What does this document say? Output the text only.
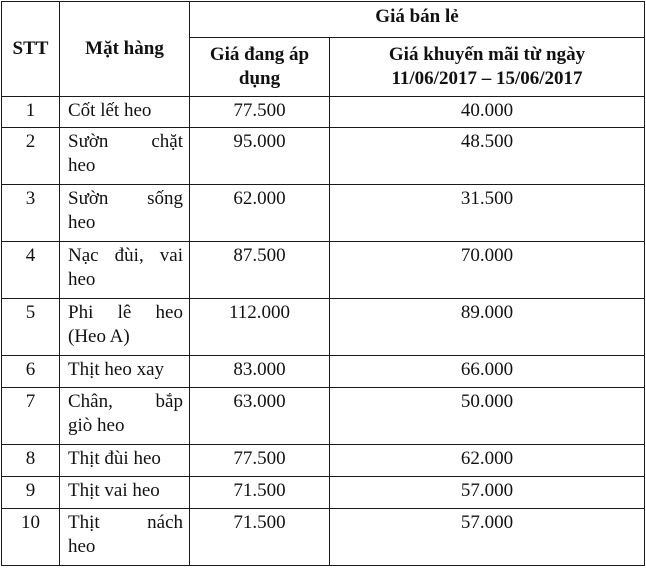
STT	Mặt hàng	Giá bán lẻ	

		Giá đang áp
dụng	Giá khuyến mãi từ ngày
11/06/2017 – 15/06/2017

1	Cốt lết heo	77.500	40.000
2	Sườn chặt
heo	95.000	48.500
3	Sườn sống
heo	62.000	31.500
4	Nạc đùi, vai
heo	87.500	70.000
5	Phi lê heo
(Heo A)	112.000	89.000
6	Thịt heo xay	83.000	66.000
7	Chân, bắp
giò heo	63.000	50.000
8	Thịt đùi heo	77.500	62.000
9	Thịt vai heo	71.500	57.000
10	Thịt nách
heo	71.500	57.000
